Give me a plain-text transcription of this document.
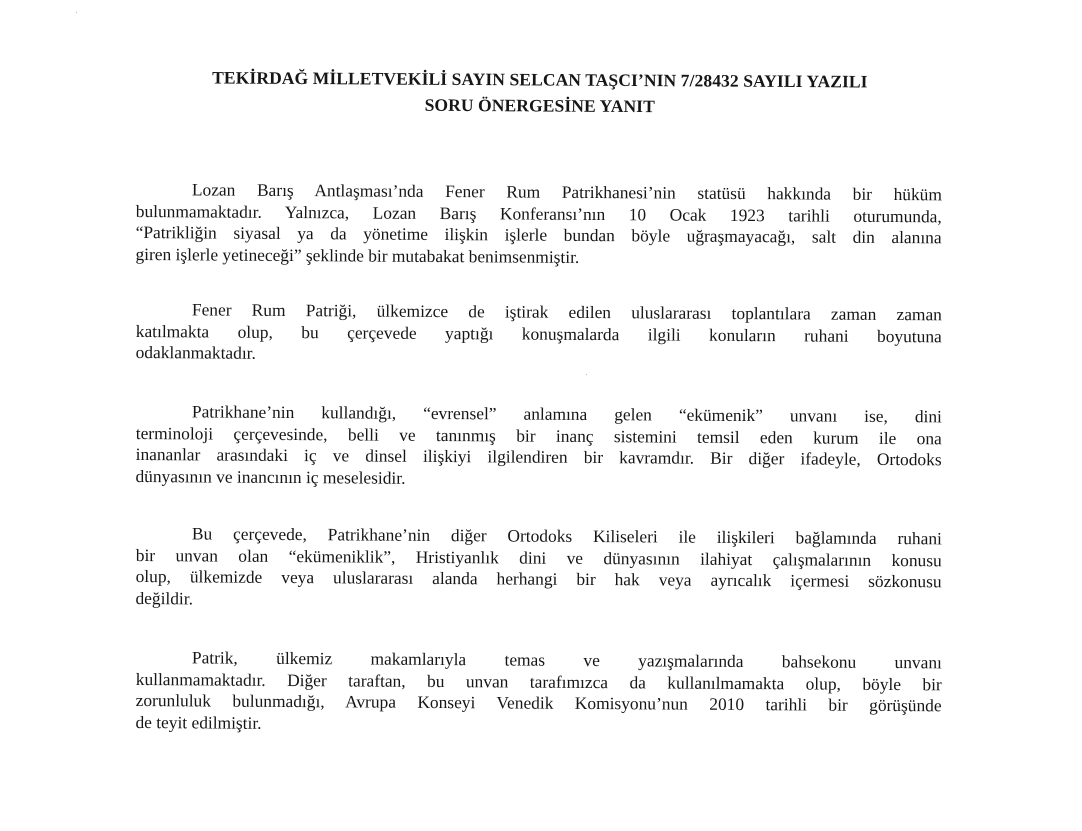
TEKİRDAĞ MİLLETVEKİLİ SAYIN SELCAN TAŞCI’NIN 7/28432 SAYILI YAZILI
SORU ÖNERGESİNE YANIT
Lozan Barış Antlaşması’nda Fener Rum Patrikhanesi’nin statüsü hakkında bir hüküm
bulunmamaktadır. Yalnızca, Lozan Barış Konferansı’nın 10 Ocak 1923 tarihli oturumunda,
“Patrikliğin siyasal ya da yönetime ilişkin işlerle bundan böyle uğraşmayacağı, salt din alanına
giren işlerle yetineceği” şeklinde bir mutabakat benimsenmiştir.
Fener Rum Patriği, ülkemizce de iştirak edilen uluslararası toplantılara zaman zaman
katılmakta olup, bu çerçevede yaptığı konuşmalarda ilgili konuların ruhani boyutuna
odaklanmaktadır.
Patrikhane’nin kullandığı, “evrensel” anlamına gelen “ekümenik” unvanı ise, dini
terminoloji çerçevesinde, belli ve tanınmış bir inanç sistemini temsil eden kurum ile ona
inananlar arasındaki iç ve dinsel ilişkiyi ilgilendiren bir kavramdır. Bir diğer ifadeyle, Ortodoks
dünyasının ve inancının iç meselesidir.
Bu çerçevede, Patrikhane’nin diğer Ortodoks Kiliseleri ile ilişkileri bağlamında ruhani
bir unvan olan “ekümeniklik”, Hristiyanlık dini ve dünyasının ilahiyat çalışmalarının konusu
olup, ülkemizde veya uluslararası alanda herhangi bir hak veya ayrıcalık içermesi sözkonusu
değildir.
Patrik, ülkemiz makamlarıyla temas ve yazışmalarında bahsekonu unvanı
kullanmamaktadır. Diğer taraftan, bu unvan tarafımızca da kullanılmamakta olup, böyle bir
zorunluluk bulunmadığı, Avrupa Konseyi Venedik Komisyonu’nun 2010 tarihli bir görüşünde
de teyit edilmiştir.
